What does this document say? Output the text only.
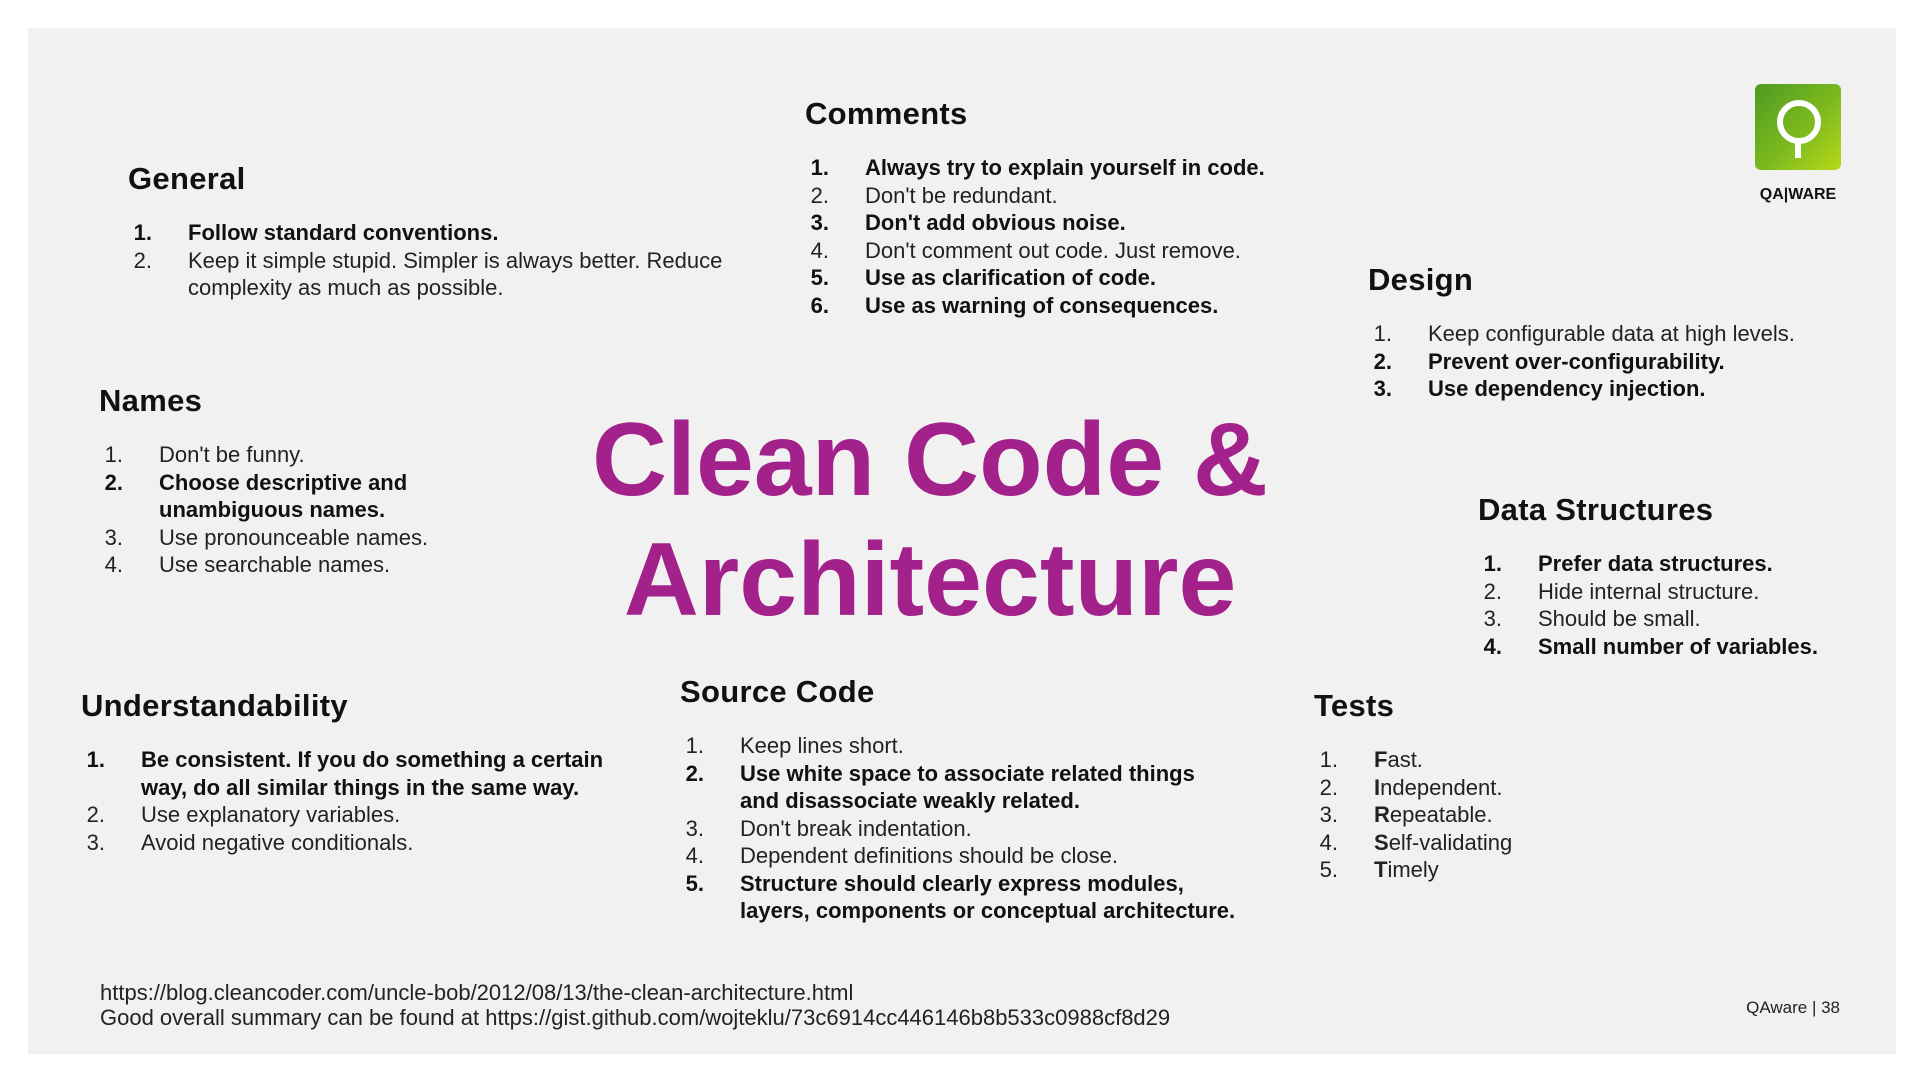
QA|WARE
General
1. Follow standard conventions.
2. Keep it simple stupid. Simpler is always better. Reduce complexity as much as possible.
Comments
1. Always try to explain yourself in code.
2. Don't be redundant.
3. Don't add obvious noise.
4. Don't comment out code. Just remove.
5. Use as clarification of code.
6. Use as warning of consequences.
Design
1. Keep configurable data at high levels.
2. Prevent over-configurability.
3. Use dependency injection.
Names
1. Don't be funny.
2. Choose descriptive and unambiguous names.
3. Use pronounceable names.
4. Use searchable names.
Data Structures
1. Prefer data structures.
2. Hide internal structure.
3. Should be small.
4. Small number of variables.
Understandability
1. Be consistent. If you do something a certain way, do all similar things in the same way.
2. Use explanatory variables.
3. Avoid negative conditionals.
Source Code
1. Keep lines short.
2. Use white space to associate related things and disassociate weakly related.
3. Don't break indentation.
4. Dependent definitions should be close.
5. Structure should clearly express modules, layers, components or conceptual architecture.
Tests
1. Fast.
2. Independent.
3. Repeatable.
4. Self-validating
5. Timely
Clean Code &
Architecture
https://blog.cleancoder.com/uncle-bob/2012/08/13/the-clean-architecture.html
Good overall summary can be found at https://gist.github.com/wojteklu/73c6914cc446146b8b533c0988cf8d29	QAware | 38
